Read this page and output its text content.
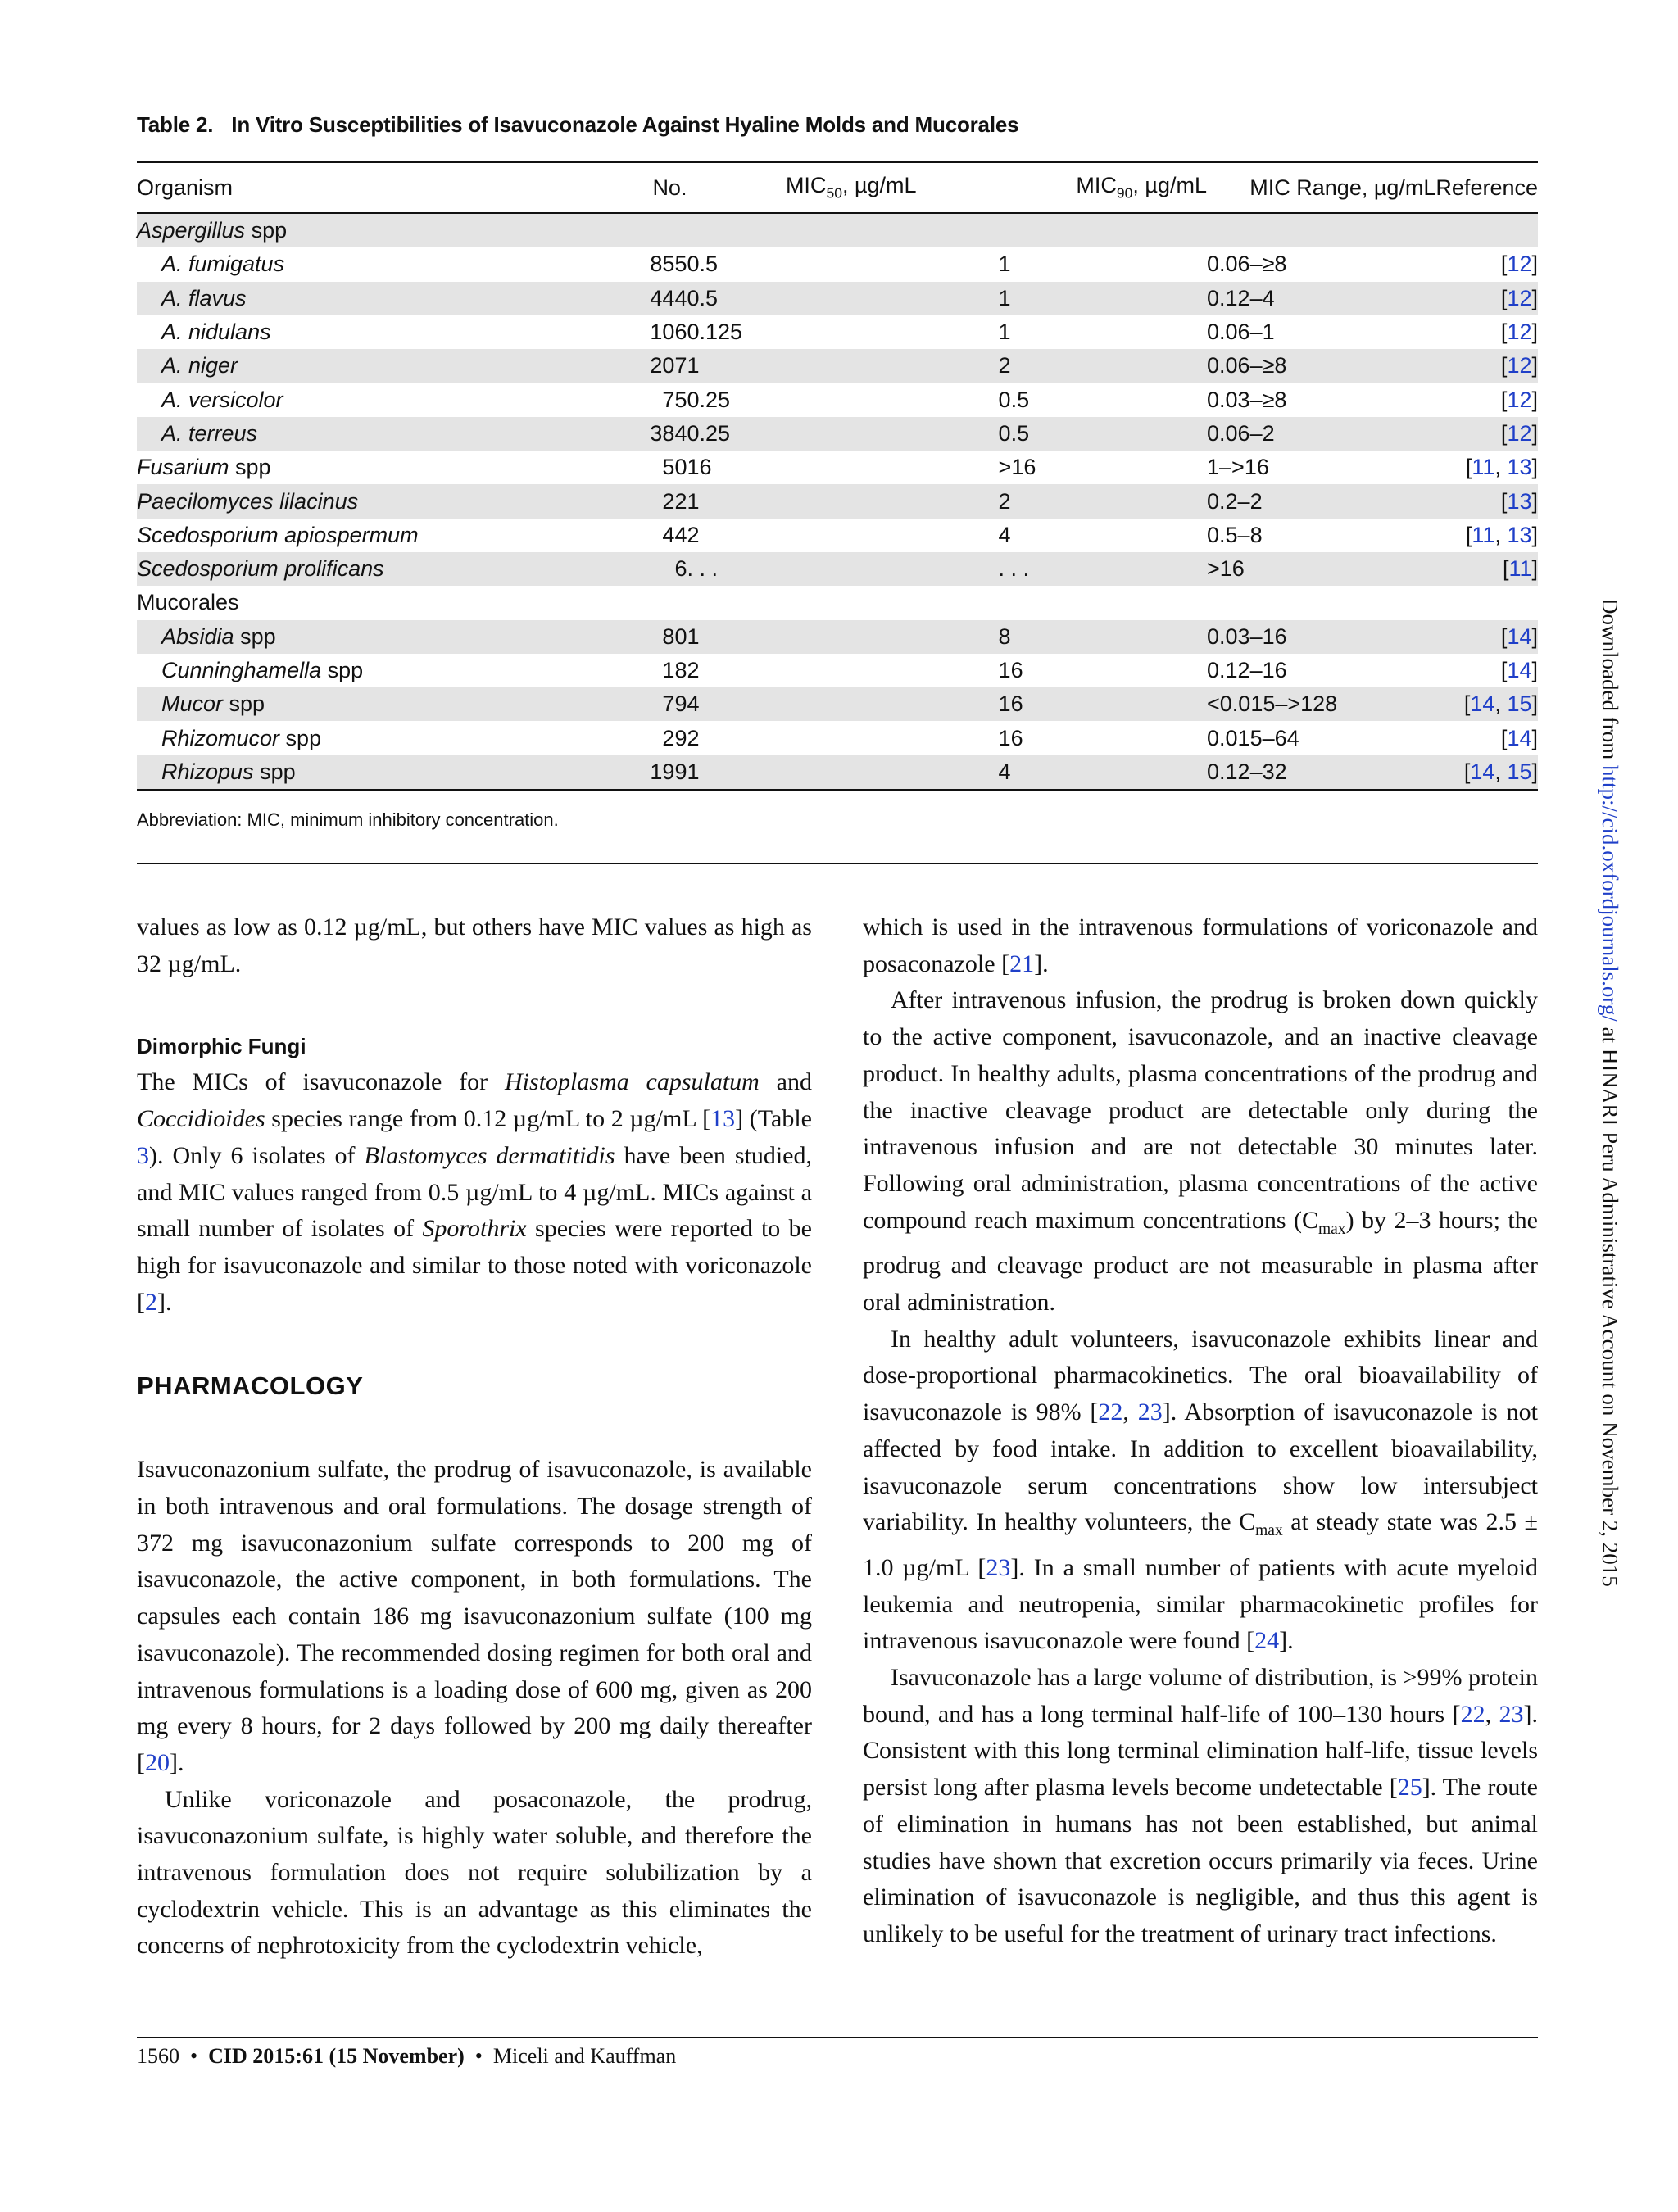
Table 2. In Vitro Susceptibilities of Isavuconazole Against Hyaline Molds and Mucorales
Organism	No.	$MIC_{50}$, µg/mL	$MIC_{90}$, µg/mL	MIC Range, µg/mL	Reference
Aspergillus spp					
A. fumigatus	855	0.5	1	0.06–≥8	[12]
A. flavus	444	0.5	1	0.12–4	[12]
A. nidulans	106	0.125	1	0.06–1	[12]
A. niger	207	1	2	0.06–≥8	[12]
A. versicolor	75	0.25	0.5	0.03–≥8	[12]
A. terreus	384	0.25	0.5	0.06–2	[12]
Fusarium spp	50	16	>16	1–>16	[11, 13]
Paecilomyces lilacinus	22	1	2	0.2–2	[13]
Scedosporium apiospermum	44	2	4	0.5–8	[11, 13]
Scedosporium prolificans	6	. . .	. . .	>16	[11]
Mucorales					
Absidia spp	80	1	8	0.03–16	[14]
Cunninghamella spp	18	2	16	0.12–16	[14]
Mucor spp	79	4	16	<0.015–>128	[14, 15]
Rhizomucor spp	29	2	16	0.015–64	[14]
Rhizopus spp	199	1	4	0.12–32	[14, 15]
Abbreviation: MIC, minimum inhibitory concentration.

values as low as 0.12 µg/mL, but others have MIC values as high as 32 µg/mL.

Dimorphic Fungi

The MICs of isavuconazole for Histoplasma capsulatum and Coccidioides species range from 0.12 µg/mL to 2 µg/mL [13] (Table 3). Only 6 isolates of Blastomyces dermatitidis have been studied, and MIC values ranged from 0.5 µg/mL to 4 µg/mL. MICs against a small number of isolates of Sporothrix species were reported to be high for isavuconazole and similar to those noted with voriconazole [2].

PHARMACOLOGY

Isavuconazonium sulfate, the prodrug of isavuconazole, is available in both intravenous and oral formulations. The dosage strength of 372 mg isavuconazonium sulfate corresponds to 200 mg of isavuconazole, the active component, in both formulations. The capsules each contain 186 mg isavuconazonium sulfate (100 mg isavuconazole). The recommended dosing regimen for both oral and intravenous formulations is a loading dose of 600 mg, given as 200 mg every 8 hours, for 2 days followed by 200 mg daily thereafter [20].

Unlike voriconazole and posaconazole, the prodrug, isavuconazonium sulfate, is highly water soluble, and therefore the intravenous formulation does not require solubilization by a cyclodextrin vehicle. This is an advantage as this eliminates the concerns of nephrotoxicity from the cyclodextrin vehicle,

which is used in the intravenous formulations of voriconazole and posaconazole [21].

After intravenous infusion, the prodrug is broken down quickly to the active component, isavuconazole, and an inactive cleavage product. In healthy adults, plasma concentrations of the prodrug and the inactive cleavage product are detectable only during the intravenous infusion and are not detectable 30 minutes later. Following oral administration, plasma concentrations of the active compound reach maximum concentrations $(C_{max})$ by 2–3 hours; the prodrug and cleavage product are not measurable in plasma after oral administration.

In healthy adult volunteers, isavuconazole exhibits linear and dose-proportional pharmacokinetics. The oral bioavailability of isavuconazole is 98% [22, 23]. Absorption of isavuconazole is not affected by food intake. In addition to excellent bioavailability, isavuconazole serum concentrations show low intersubject variability. In healthy volunteers, the $C_{max}$ at steady state was 2.5 ± 1.0 µg/mL [23]. In a small number of patients with acute myeloid leukemia and neutropenia, similar pharmacokinetic profiles for intravenous isavuconazole were found [24].

Isavuconazole has a large volume of distribution, is >99% protein bound, and has a long terminal half-life of 100–130 hours [22, 23]. Consistent with this long terminal elimination half-life, tissue levels persist long after plasma levels become undetectable [25]. The route of elimination in humans has not been established, but animal studies have shown that excretion occurs primarily via feces. Urine elimination of isavuconazole is negligible, and thus this agent is unlikely to be useful for the treatment of urinary tract infections.

Downloaded from http://cid.oxfordjournals.org/ at HINARI Peru Administrative Account on November 2, 2015
1560 • CID 2015:61 (15 November) • Miceli and Kauffman
